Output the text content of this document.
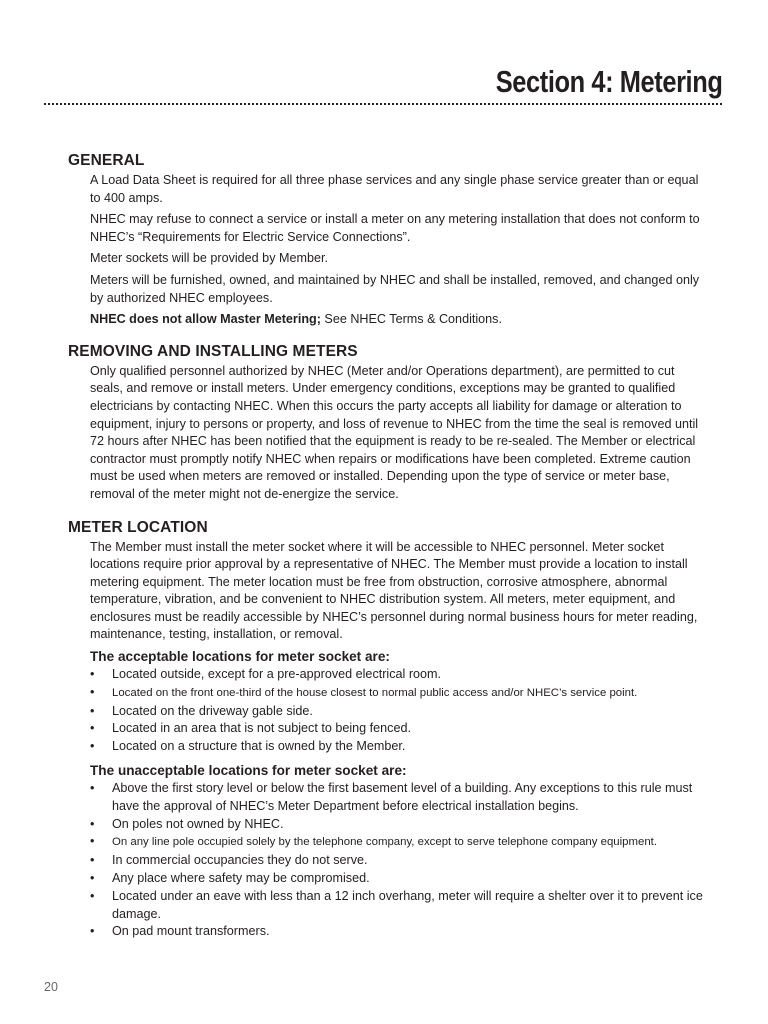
Section 4: Metering
GENERAL

A Load Data Sheet is required for all three phase services and any single phase service greater than or equal to 400 amps.

NHEC may refuse to connect a service or install a meter on any metering installation that does not conform to NHEC’s “Requirements for Electric Service Connections”.

Meter sockets will be provided by Member.

Meters will be furnished, owned, and maintained by NHEC and shall be installed, removed, and changed only by authorized NHEC employees.

NHEC does not allow Master Metering; See NHEC Terms & Conditions.

REMOVING AND INSTALLING METERS

Only qualified personnel authorized by NHEC (Meter and/or Operations department), are permitted to cut seals, and remove or install meters. Under emergency conditions, exceptions may be granted to qualified electricians by contacting NHEC. When this occurs the party accepts all liability for damage or alteration to equipment, injury to persons or property, and loss of revenue to NHEC from the time the seal is removed until 72 hours after NHEC has been notified that the equipment is ready to be re-sealed. The Member or electrical contractor must promptly notify NHEC when repairs or modifications have been completed. Extreme caution must be used when meters are removed or installed. Depending upon the type of service or meter base, removal of the meter might not de-energize the service.

METER LOCATION

The Member must install the meter socket where it will be accessible to NHEC personnel. Meter socket locations require prior approval by a representative of NHEC. The Member must provide a location to install metering equipment. The meter location must be free from obstruction, corrosive atmosphere, abnormal temperature, vibration, and be convenient to NHEC distribution system. All meters, meter equipment, and enclosures must be readily accessible by NHEC’s personnel during normal business hours for meter reading, maintenance, testing, installation, or removal.

The acceptable locations for meter socket are:
• Located outside, except for a pre-approved electrical room.
• Located on the front one-third of the house closest to normal public access and/or NHEC’s service point.
• Located on the driveway gable side.
• Located in an area that is not subject to being fenced.
• Located on a structure that is owned by the Member.
The unacceptable locations for meter socket are:
• Above the first story level or below the first basement level of a building. Any exceptions to this rule must have the approval of NHEC’s Meter Department before electrical installation begins.
• On poles not owned by NHEC.
• On any line pole occupied solely by the telephone company, except to serve telephone company equipment.
• In commercial occupancies they do not serve.
• Any place where safety may be compromised.
• Located under an eave with less than a 12 inch overhang, meter will require a shelter over it to prevent ice damage.
• On pad mount transformers.
20
